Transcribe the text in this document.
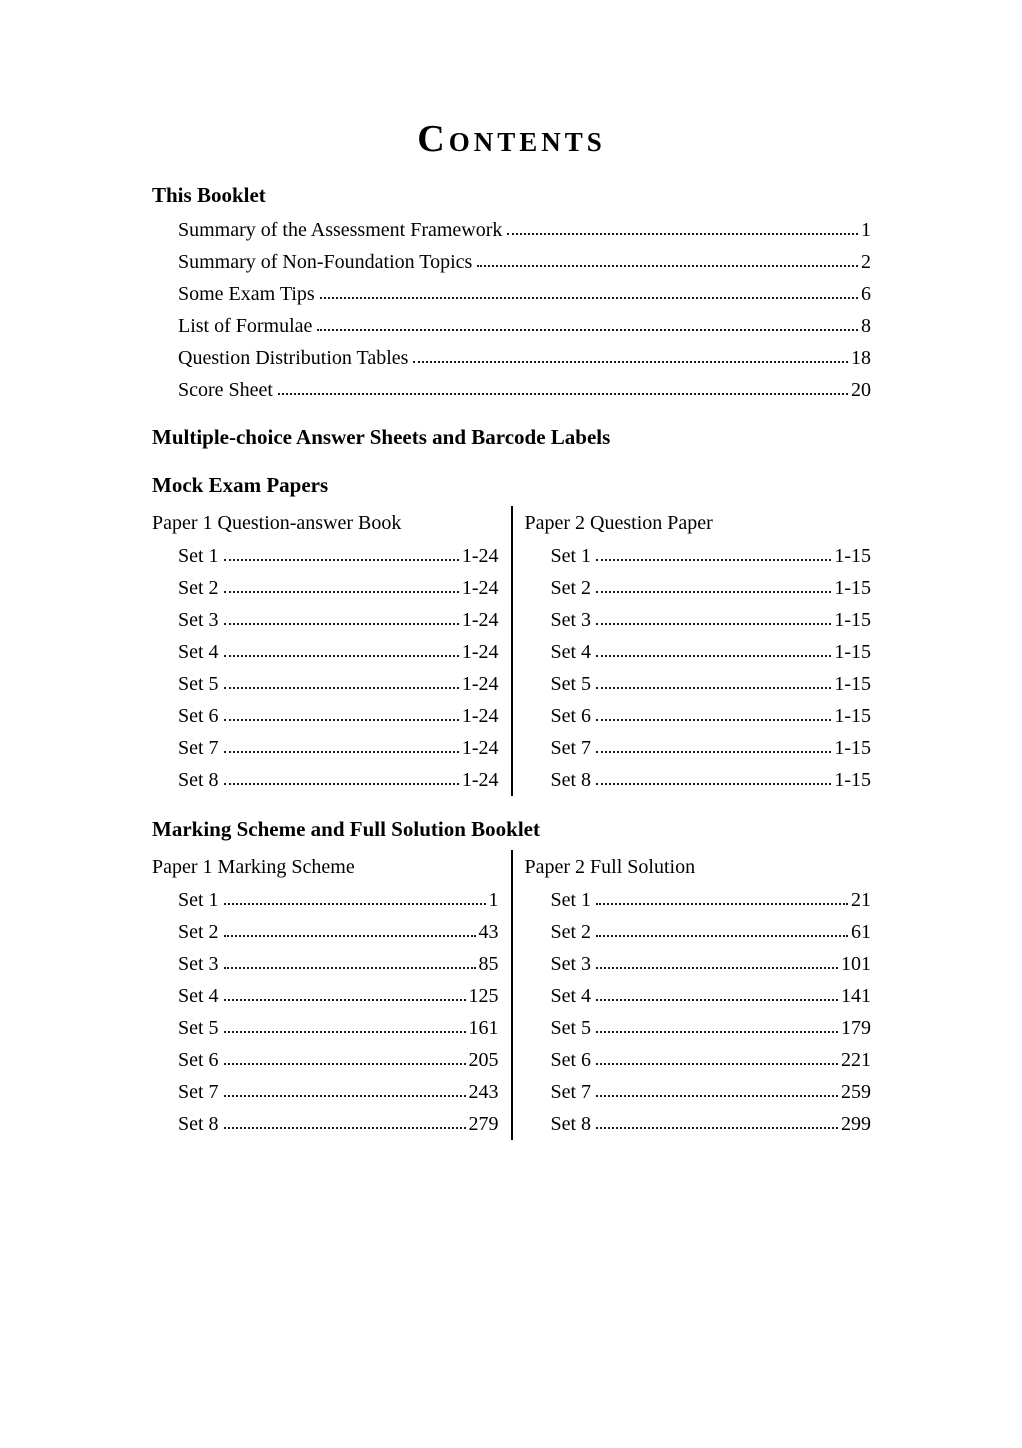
Contents
This Booklet
Summary of the Assessment Framework	1
Summary of Non-Foundation Topics	2
Some Exam Tips	6
List of Formulae	8
Question Distribution Tables	18
Score Sheet	20
Multiple-choice Answer Sheets and Barcode Labels
Mock Exam Papers
Paper 1 Question-answer Book
Set 1	1-24
Set 2	1-24
Set 3	1-24
Set 4	1-24
Set 5	1-24
Set 6	1-24
Set 7	1-24
Set 8	1-24
Paper 2 Question Paper
Set 1	1-15
Set 2	1-15
Set 3	1-15
Set 4	1-15
Set 5	1-15
Set 6	1-15
Set 7	1-15
Set 8	1-15
Marking Scheme and Full Solution Booklet
Paper 1 Marking Scheme
Set 1	1
Set 2	43
Set 3	85
Set 4	125
Set 5	161
Set 6	205
Set 7	243
Set 8	279
Paper 2 Full Solution
Set 1	21
Set 2	61
Set 3	101
Set 4	141
Set 5	179
Set 6	221
Set 7	259
Set 8	299
